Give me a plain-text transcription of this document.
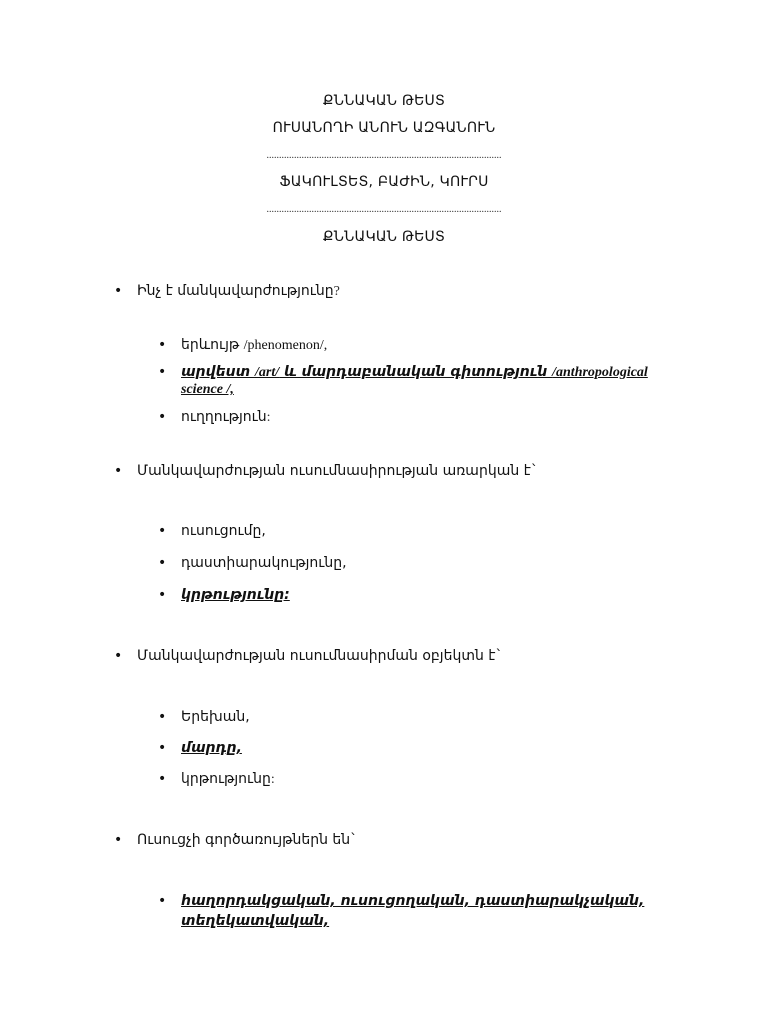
ՔՆՆԱԿԱՆ ԹԵՍՏ
ՈՒՍԱՆՈՂԻ ԱՆՈՒՆ ԱԶԳԱՆՈՒՆ
..............................................................................................
ՖԱԿՈՒԼՏԵՏ, ԲԱԺԻՆ, ԿՈՒՐՍ
..............................................................................................
ՔՆՆԱԿԱՆ ԹԵՍՏ
• Ինչ է մանկավարժությունը?
• երևույթ /phenomenon/,
• արվեստ /art/ և մարդաբանական գիտություն /anthropological
science /,
• ուղղություն:
• Մանկավարժության ուսումնասիրության առարկան է`
• ուսուցումը,
• դաստիարակությունը,
• կրթությունը:
• Մանկավարժության ուսումնասիրման օբյեկտն է`
• Երեխան,
• մարդը,
• կրթությունը:
• Ուսուցչի գործառույթներն են`
• հաղորդակցական, ուսուցողական, դաստիարակչական,
տեղեկատվական,
